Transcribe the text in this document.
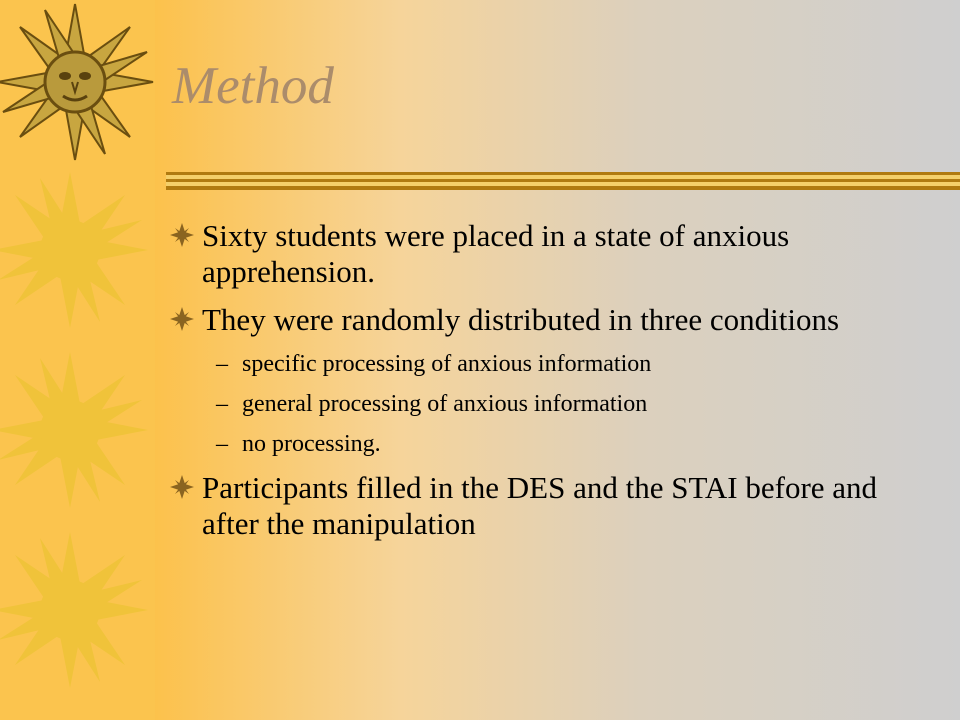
Method
Sixty students were placed in a state of anxious apprehension.
They were randomly distributed in three conditions
– specific processing of anxious information
– general processing of anxious information
– no processing.
Participants filled in the DES and the STAI before and after the manipulation
